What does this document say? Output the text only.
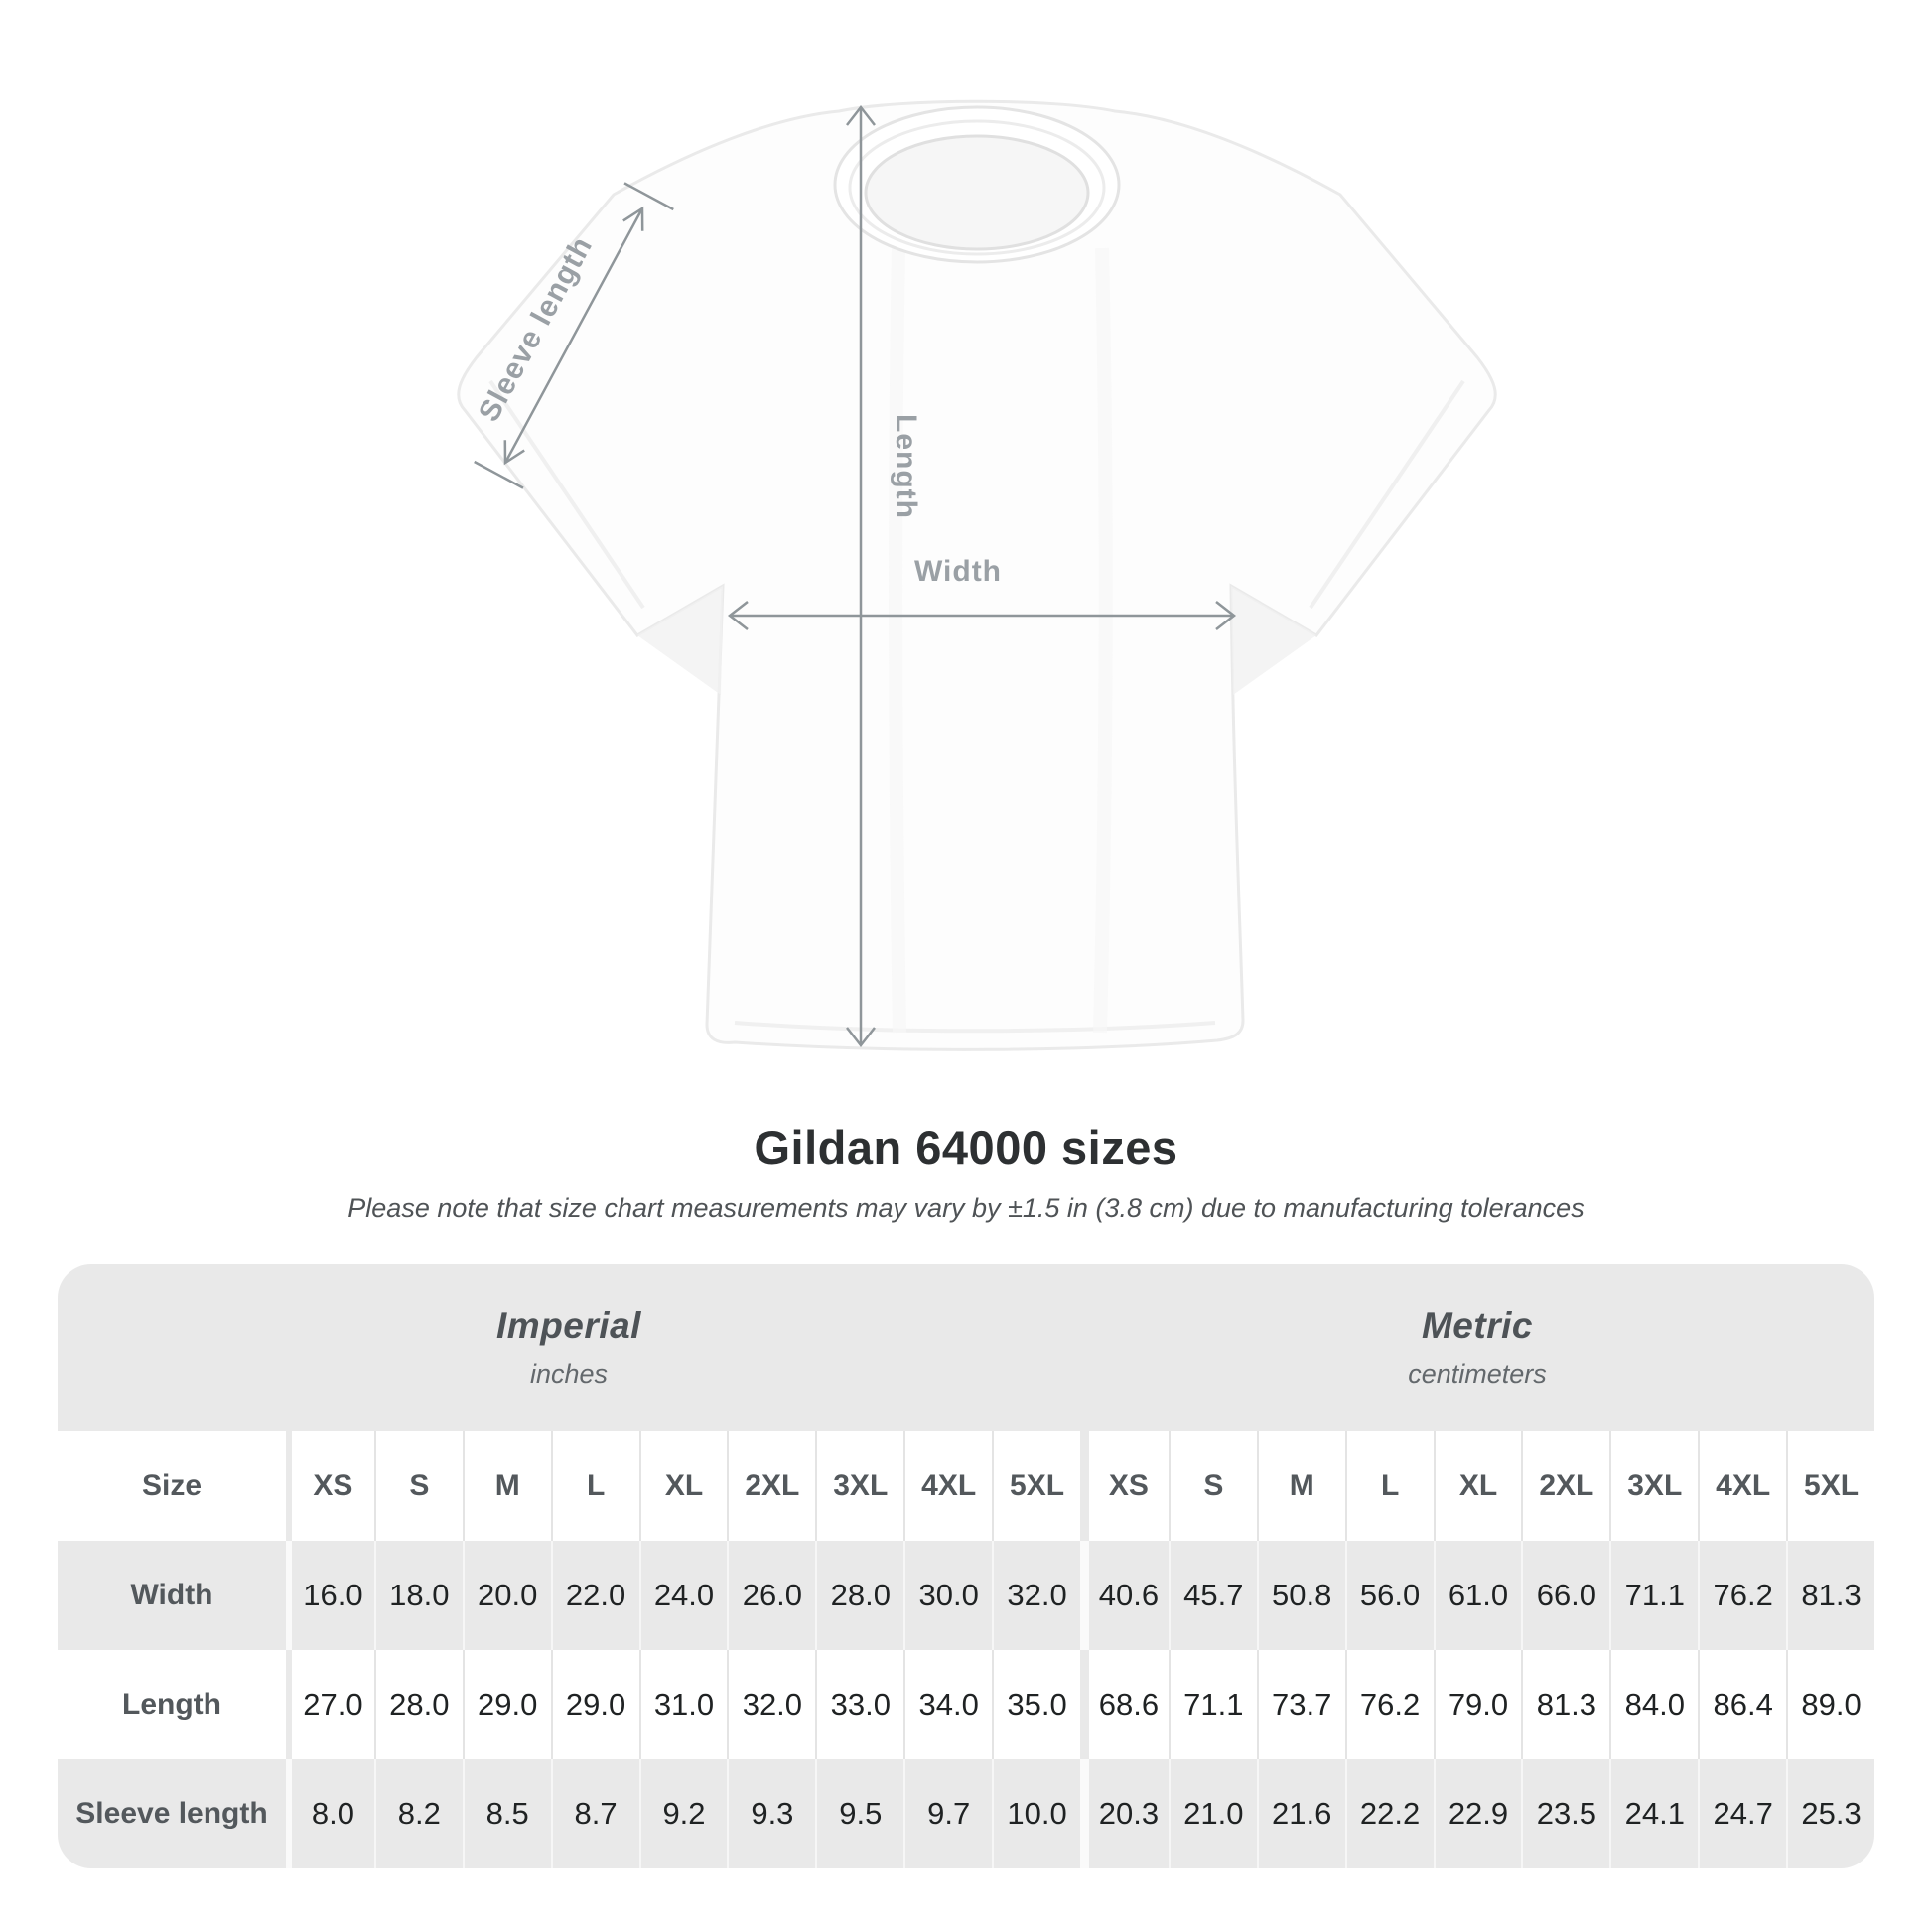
Sleeve length
Length
Width
Gildan 64000 sizes
Please note that size chart measurements may vary by ±1.5 in (3.8 cm) due to manufacturing tolerances
Imperial
inches
Metric
centimeters
Size	XS	S	M	L	XL	2XL	3XL	4XL	5XL	XS	S	M	L	XL	2XL	3XL	4XL	5XL
Width	16.0 18.0 20.0 22.0 24.0 26.0 28.0 30.0 32.0	40.6 45.7 50.8 56.0 61.0 66.0 71.1 76.2 81.3
Length	27.0 28.0 29.0 29.0 31.0 32.0 33.0 34.0 35.0	68.6 71.1 73.7 76.2 79.0 81.3 84.0 86.4 89.0
Sleeve length	8.0	8.2	8.5	8.7	9.2	9.3	9.5	9.7	10.0	20.3 21.0 21.6 22.2 22.9 23.5 24.1 24.7 25.3
